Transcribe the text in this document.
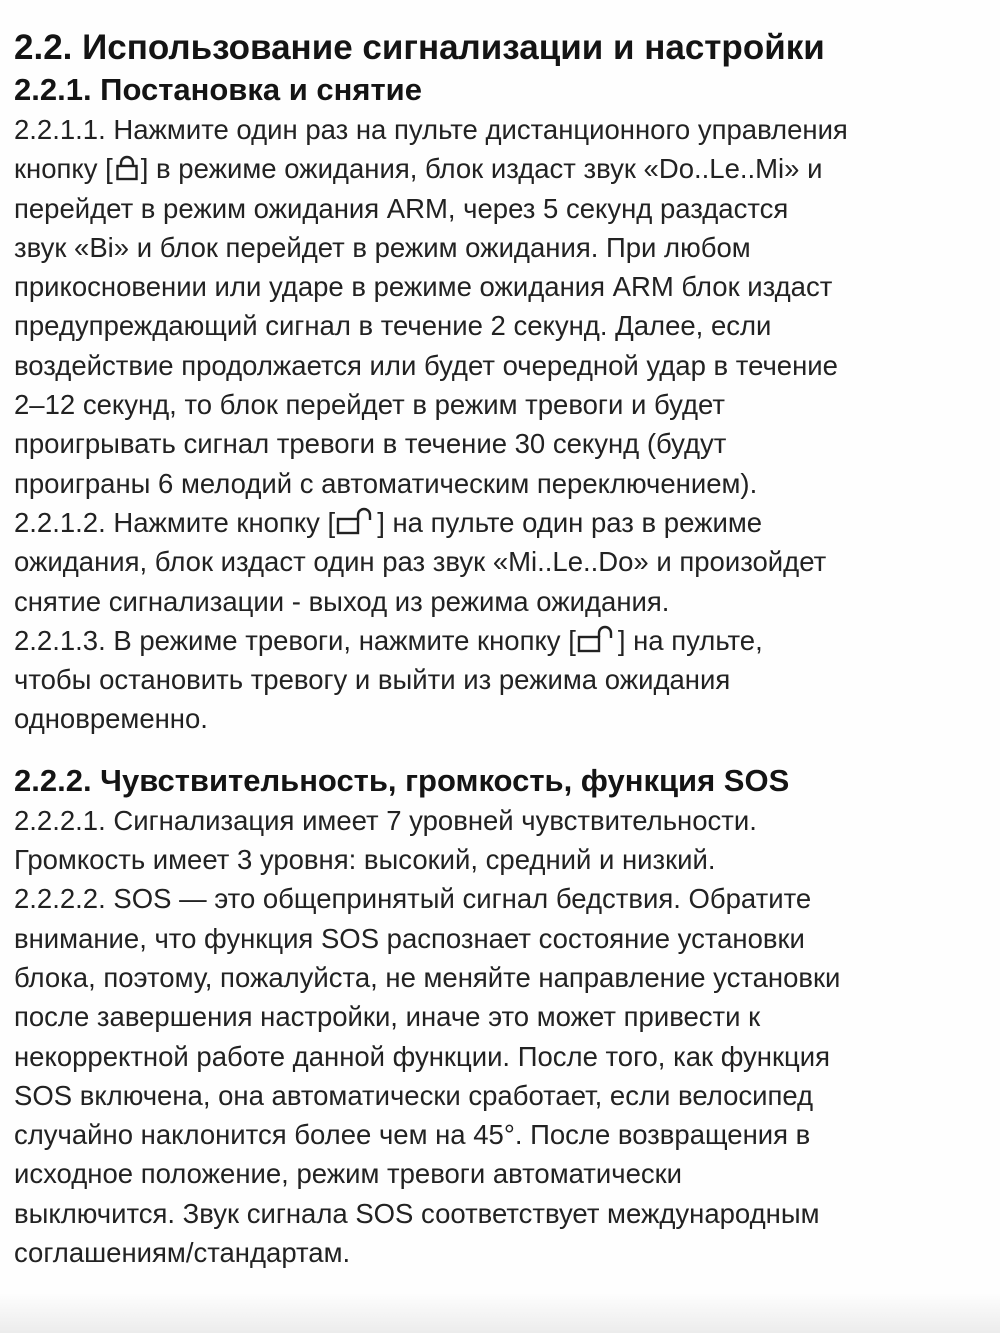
2.2. Использование сигнализации и настройки
2.2.1. Постановка и снятие
2.2.1.1. Нажмите один раз на пульте дистанционного управления
кнопку [ ] в режиме ожидания, блок издаст звук «Do..Le..Mi» и
перейдет в режим ожидания ARM, через 5 секунд раздастся
звук «Bi» и блок перейдет в режим ожидания. При любом
прикосновении или ударе в режиме ожидания ARM блок издаст
предупреждающий сигнал в течение 2 секунд. Далее, если
воздействие продолжается или будет очередной удар в течение
2–12 секунд, то блок перейдет в режим тревоги и будет
проигрывать сигнал тревоги в течение 30 секунд (будут
проиграны 6 мелодий с автоматическим переключением).
2.2.1.2. Нажмите кнопку [ ] на пульте один раз в режиме
ожидания, блок издаст один раз звук «Mi..Le..Do» и произойдет
снятие сигнализации - выход из режима ожидания.
2.2.1.3. В режиме тревоги, нажмите кнопку [ ] на пульте,
чтобы остановить тревогу и выйти из режима ожидания
одновременно.
2.2.2. Чувствительность, громкость, функция SOS
2.2.2.1. Сигнализация имеет 7 уровней чувствительности.
Громкость имеет 3 уровня: высокий, средний и низкий.
2.2.2.2. SOS — это общепринятый сигнал бедствия. Обратите
внимание, что функция SOS распознает состояние установки
блока, поэтому, пожалуйста, не меняйте направление установки
после завершения настройки, иначе это может привести к
некорректной работе данной функции. После того, как функция
SOS включена, она автоматически сработает, если велосипед
случайно наклонится более чем на 45°. После возвращения в
исходное положение, режим тревоги автоматически
выключится. Звук сигнала SOS соответствует международным
соглашениям/стандартам.
